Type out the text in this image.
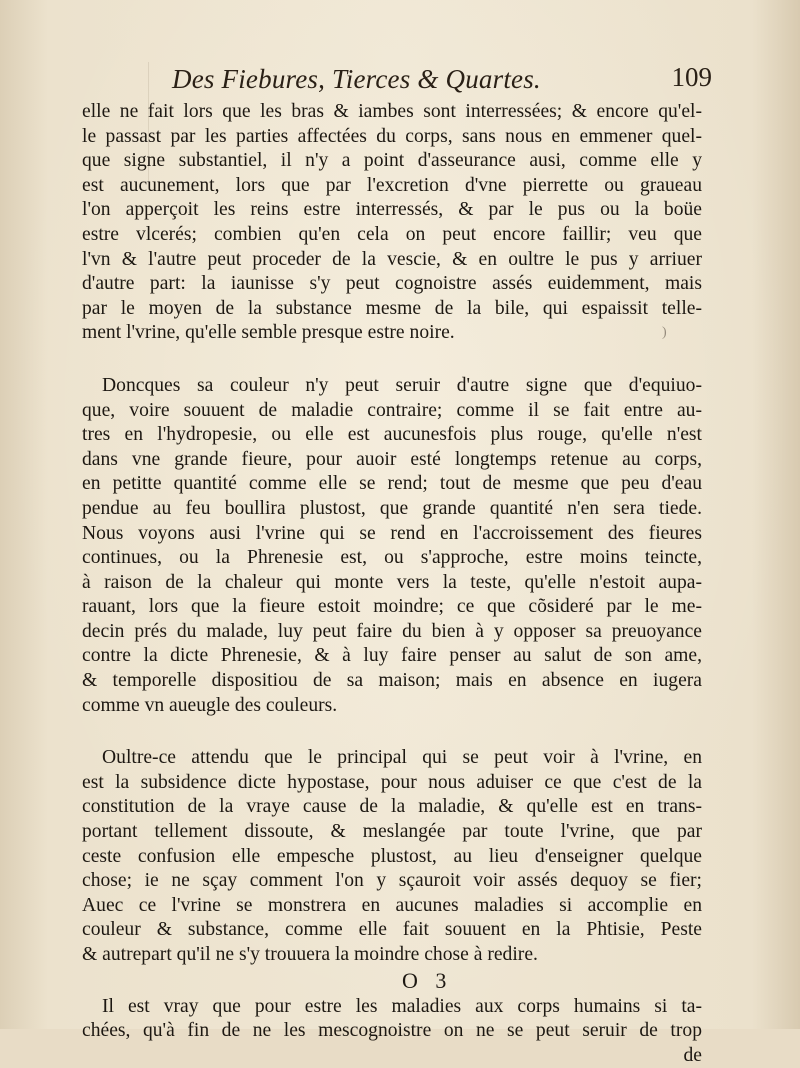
Des Fiebures, Tierces & Quartes.	109
)
elle ne fait lors que les bras & iambes sont interressées; & encore qu'el-
le passast par les parties affectées du corps, sans nous en emmener quel-
que signe substantiel, il n'y a point d'asseurance ausi, comme elle y
est aucunement, lors que par l'excretion d'vne pierrette ou graueau
l'on apperçoit les reins estre interressés, & par le pus ou la boüe
estre vlcerés; combien qu'en cela on peut encore faillir; veu que
l'vn & l'autre peut proceder de la vescie, & en oultre le pus y arriuer
d'autre part: la iaunisse s'y peut cognoistre assés euidemment, mais
par le moyen de la substance mesme de la bile, qui espaissit telle-
ment l'vrine, qu'elle semble presque estre noire.
Doncques sa couleur n'y peut seruir d'autre signe que d'equiuo-
que, voire souuent de maladie contraire; comme il se fait entre au-
tres en l'hydropesie, ou elle est aucunesfois plus rouge, qu'elle n'est
dans vne grande fieure, pour auoir esté longtemps retenue au corps,
en petitte quantité comme elle se rend; tout de mesme que peu d'eau
pendue au feu boullira plustost, que grande quantité n'en sera tiede.
Nous voyons ausi l'vrine qui se rend en l'accroissement des fieures
continues, ou la Phrenesie est, ou s'approche, estre moins teincte,
à raison de la chaleur qui monte vers la teste, qu'elle n'estoit aupa-
rauant, lors que la fieure estoit moindre; ce que cõsideré par le me-
decin prés du malade, luy peut faire du bien à y opposer sa preuoyance
contre la dicte Phrenesie, & à luy faire penser au salut de son ame,
& temporelle dispositiou de sa maison; mais en absence en iugera
comme vn aueugle des couleurs.
Oultre-ce attendu que le principal qui se peut voir à l'vrine, en
est la subsidence dicte hypostase, pour nous aduiser ce que c'est de la
constitution de la vraye cause de la maladie, & qu'elle est en trans-
portant tellement dissoute, & meslangée par toute l'vrine, que par
ceste confusion elle empesche plustost, au lieu d'enseigner quelque
chose; ie ne sçay comment l'on y sçauroit voir assés dequoy se fier;
Auec ce l'vrine se monstrera en aucunes maladies si accomplie en
couleur & substance, comme elle fait souuent en la Phtisie, Peste
& autrepart qu'il ne s'y trouuera la moindre chose à redire.
Il est vray que pour estre les maladies aux corps humains si ta-
chées, qu'à fin de ne les mescognoistre on ne se peut seruir de trop
de
O 3
